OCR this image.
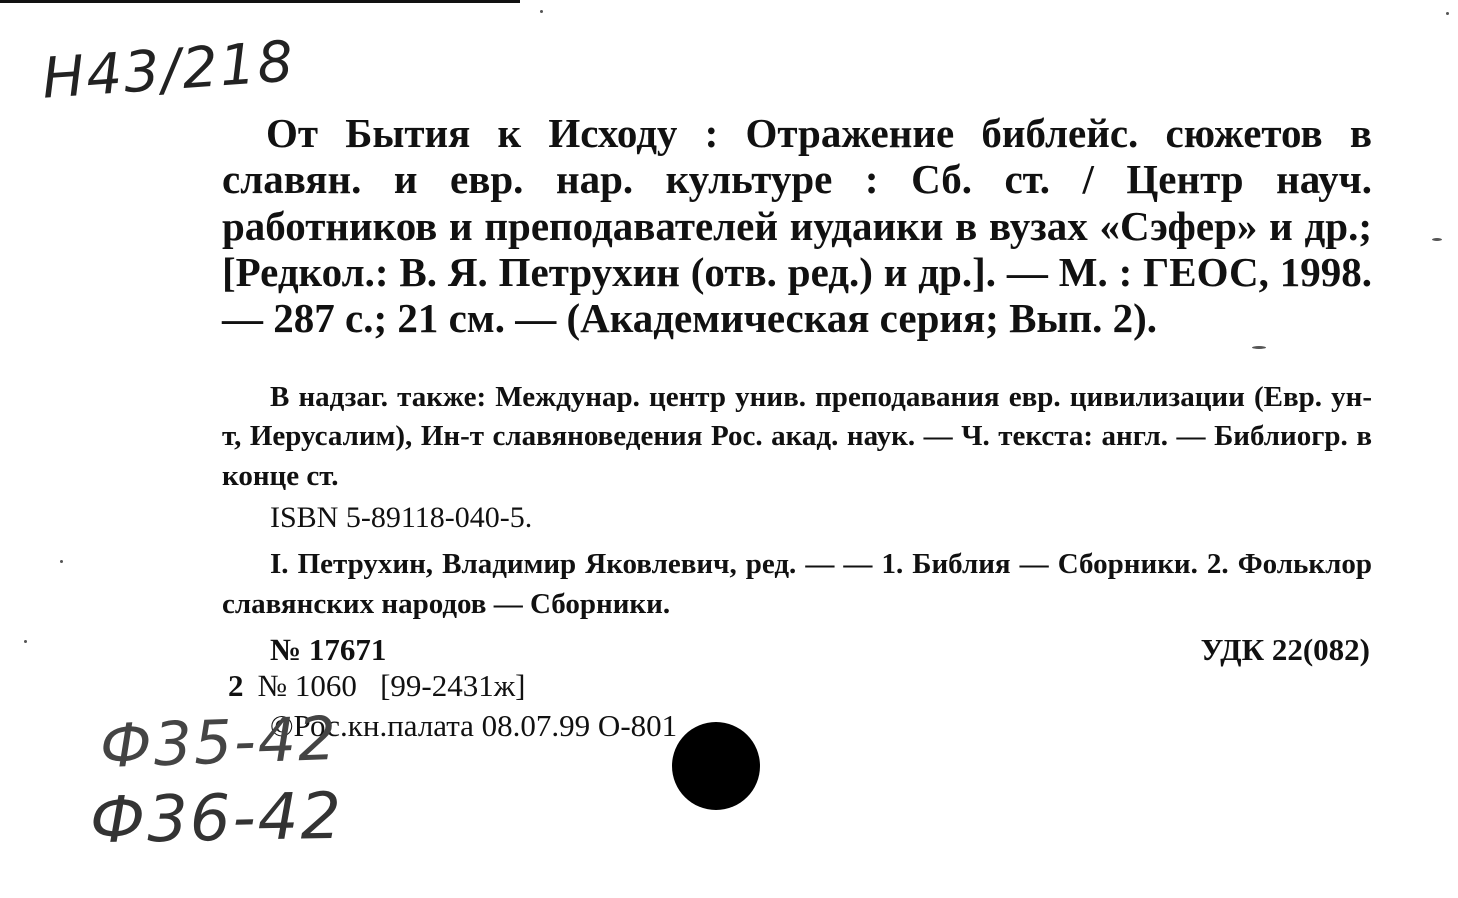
Н43/218
От Бытия к Исходу : Отражение библейс. сюжетов в славян. и евр. нар. культуре : Сб. ст. / Центр науч. работников и преподавателей иудаики в вузах «Сэфер» и др.; [Редкол.: В. Я. Петрухин (отв. ред.) и др.]. — М. : ГЕОС, 1998. — 287 с.; 21 см. — (Академическая серия; Вып. 2).

В надзаг. также: Междунар. центр унив. преподавания евр. цивилизации (Евр. ун-т, Иерусалим), Ин-т славяноведения Рос. акад. наук. — Ч. текста: англ. — Библиогр. в конце ст.

ISBN 5-89118-040-5.

I. Петрухин, Владимир Яковлевич, ред. — — 1. Библия — Сборники. 2. Фольклор славянских народов — Сборники.

№ 17671	УДК 22(082)
2 № 1060   [99-2431ж]
©Рос.кн.палата 08.07.99 О-801
Ф35-42
Ф36-42
